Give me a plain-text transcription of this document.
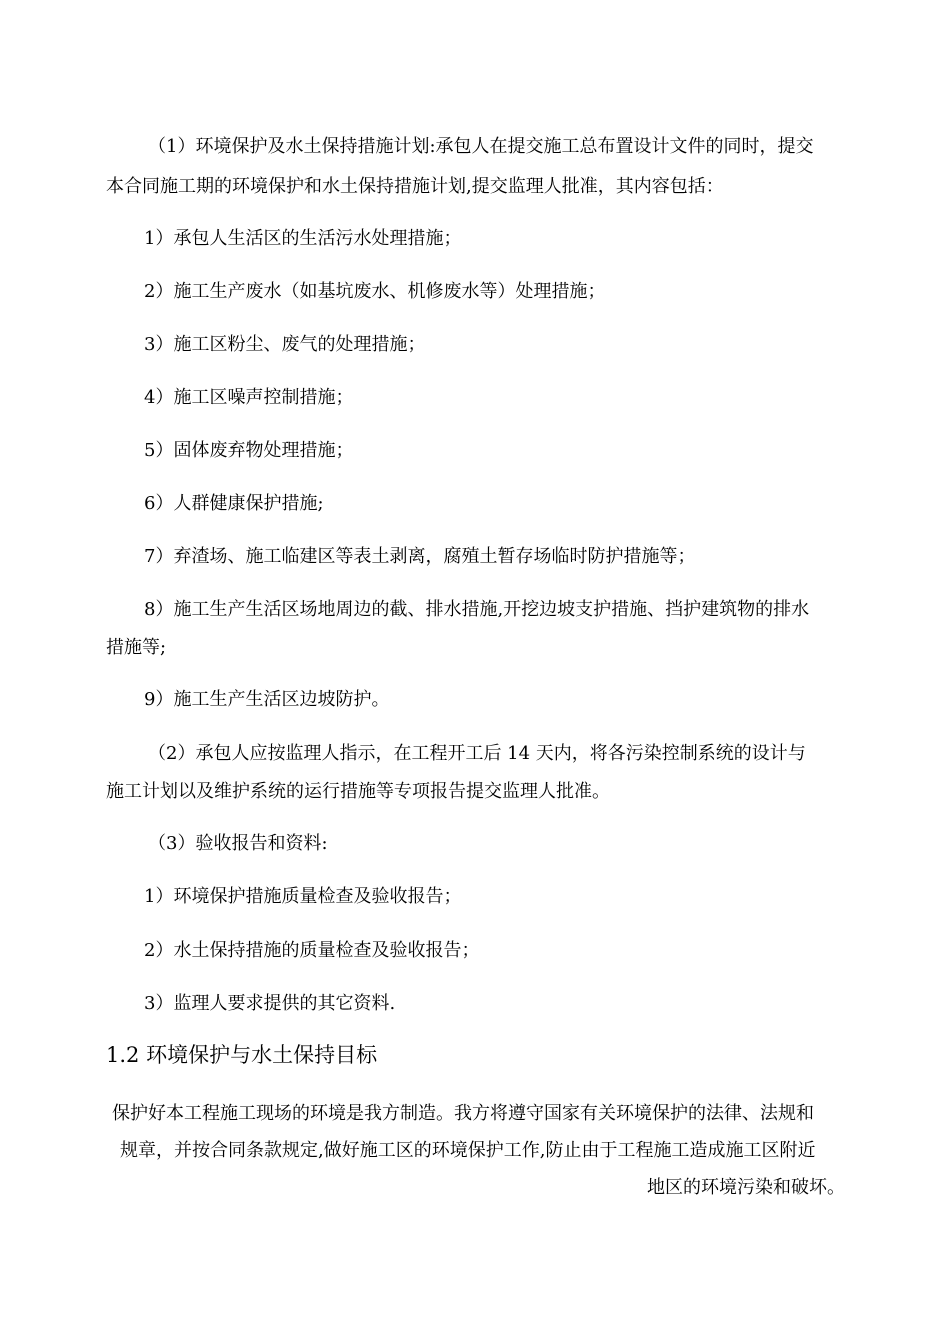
（1）环境保护及水土保持措施计划:承包人在提交施工总布置设计文件的同时，提交
本合同施工期的环境保护和水土保持措施计划,提交监理人批准，其内容包括：
1）承包人生活区的生活污水处理措施；
2）施工生产废水（如基坑废水、机修废水等）处理措施；
3）施工区粉尘、废气的处理措施；
4）施工区噪声控制措施；
5）固体废弃物处理措施；
6）人群健康保护措施;
7）弃渣场、施工临建区等表土剥离，腐殖土暂存场临时防护措施等；
8）施工生产生活区场地周边的截、排水措施,开挖边坡支护措施、挡护建筑物的排水
措施等;
9）施工生产生活区边坡防护。
（2）承包人应按监理人指示，在工程开工后 14 天内，将各污染控制系统的设计与
施工计划以及维护系统的运行措施等专项报告提交监理人批准。
（3）验收报告和资料:
1）环境保护措施质量检查及验收报告；
2）水土保持措施的质量检查及验收报告；
3）监理人要求提供的其它资料.
1.2 环境保护与水土保持目标
保护好本工程施工现场的环境是我方制造。我方将遵守国家有关环境保护的法律、法规和
规章，并按合同条款规定,做好施工区的环境保护工作,防止由于工程施工造成施工区附近
地区的环境污染和破坏。
